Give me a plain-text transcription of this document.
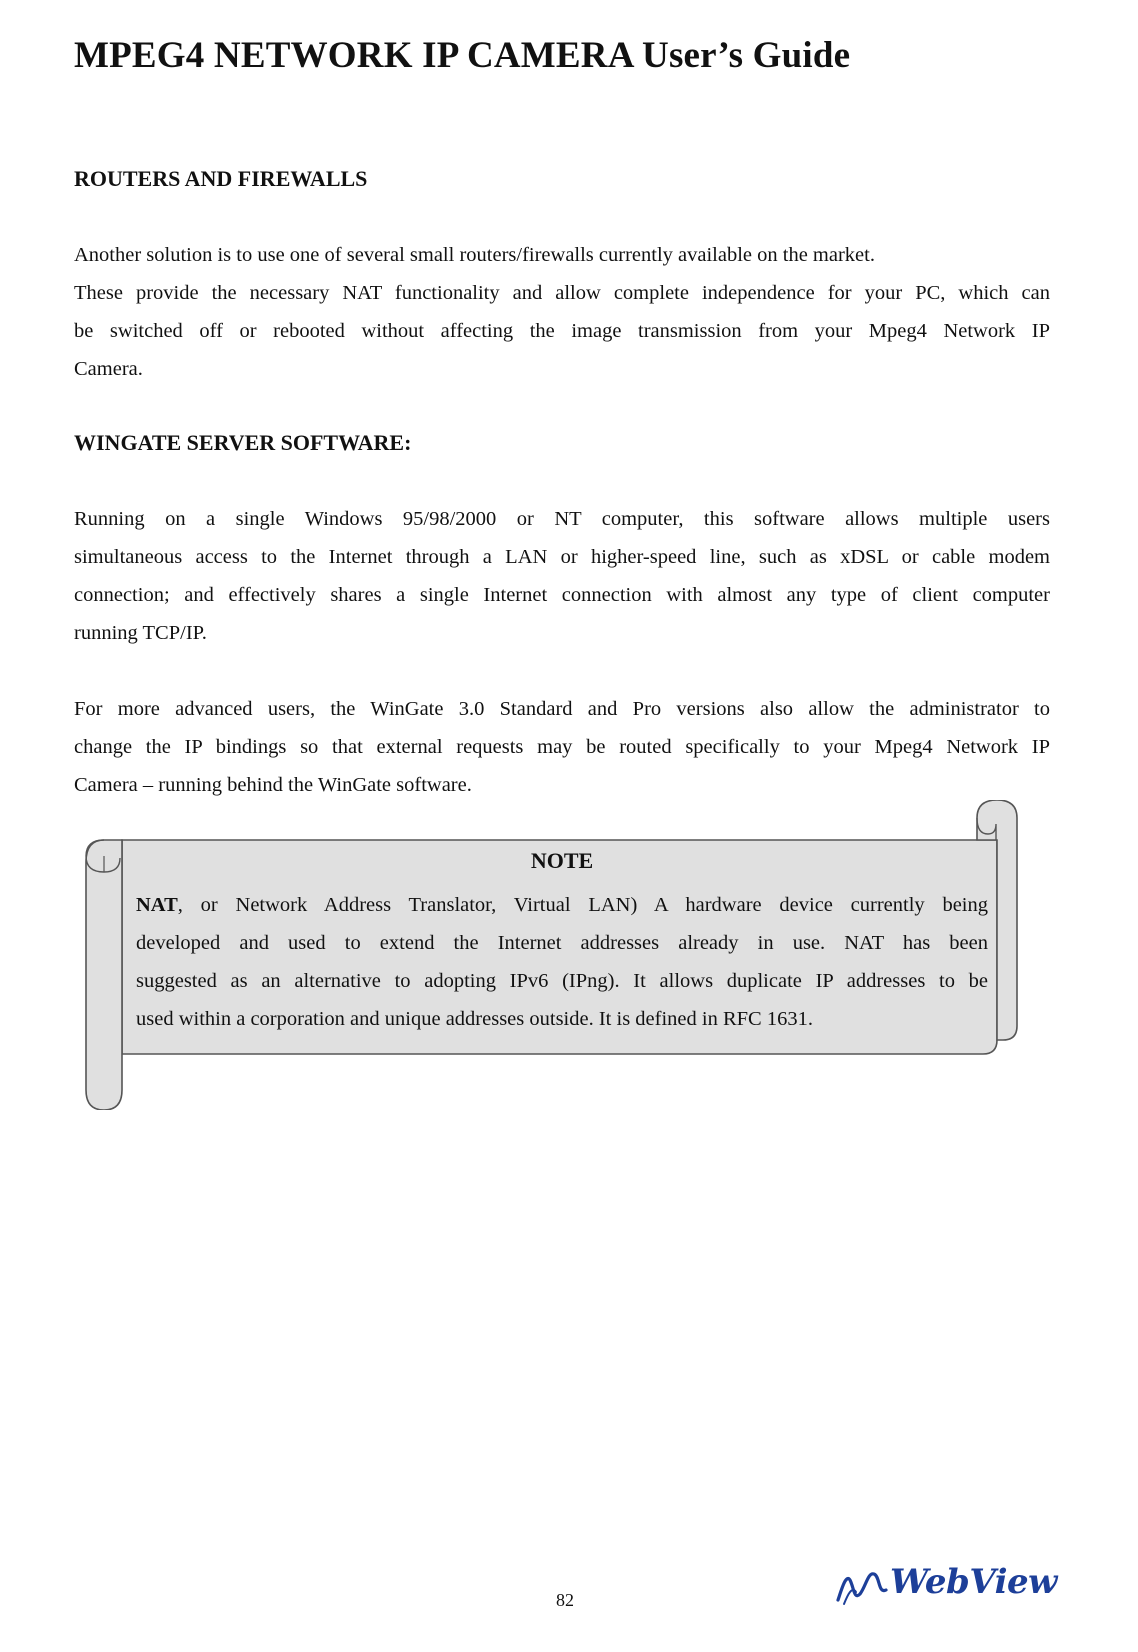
MPEG4 NETWORK IP CAMERA User’s Guide
ROUTERS AND FIREWALLS
Another solution is to use one of several small routers/firewalls currently available on the market.
These provide the necessary NAT functionality and allow complete independence for your PC, which can
be switched off or rebooted without affecting the image transmission from your Mpeg4 Network IP
Camera.
WINGATE SERVER SOFTWARE:
Running on a single Windows 95/98/2000 or NT computer, this software allows multiple users
simultaneous access to the Internet through a LAN or higher-speed line, such as xDSL or cable modem
connection; and effectively shares a single Internet connection with almost any type of client computer
running TCP/IP.
For more advanced users, the WinGate 3.0 Standard and Pro versions also allow the administrator to
change the IP bindings so that external requests may be routed specifically to your Mpeg4 Network IP
Camera – running behind the WinGate software.
NOTE
NAT, or Network Address Translator, Virtual LAN) A hardware device currently being
developed and used to extend the Internet addresses already in use. NAT has been
suggested as an alternative to adopting IPv6 (IPng). It allows duplicate IP addresses to be
used within a corporation and unique addresses outside. It is defined in RFC 1631.
82	WebView
